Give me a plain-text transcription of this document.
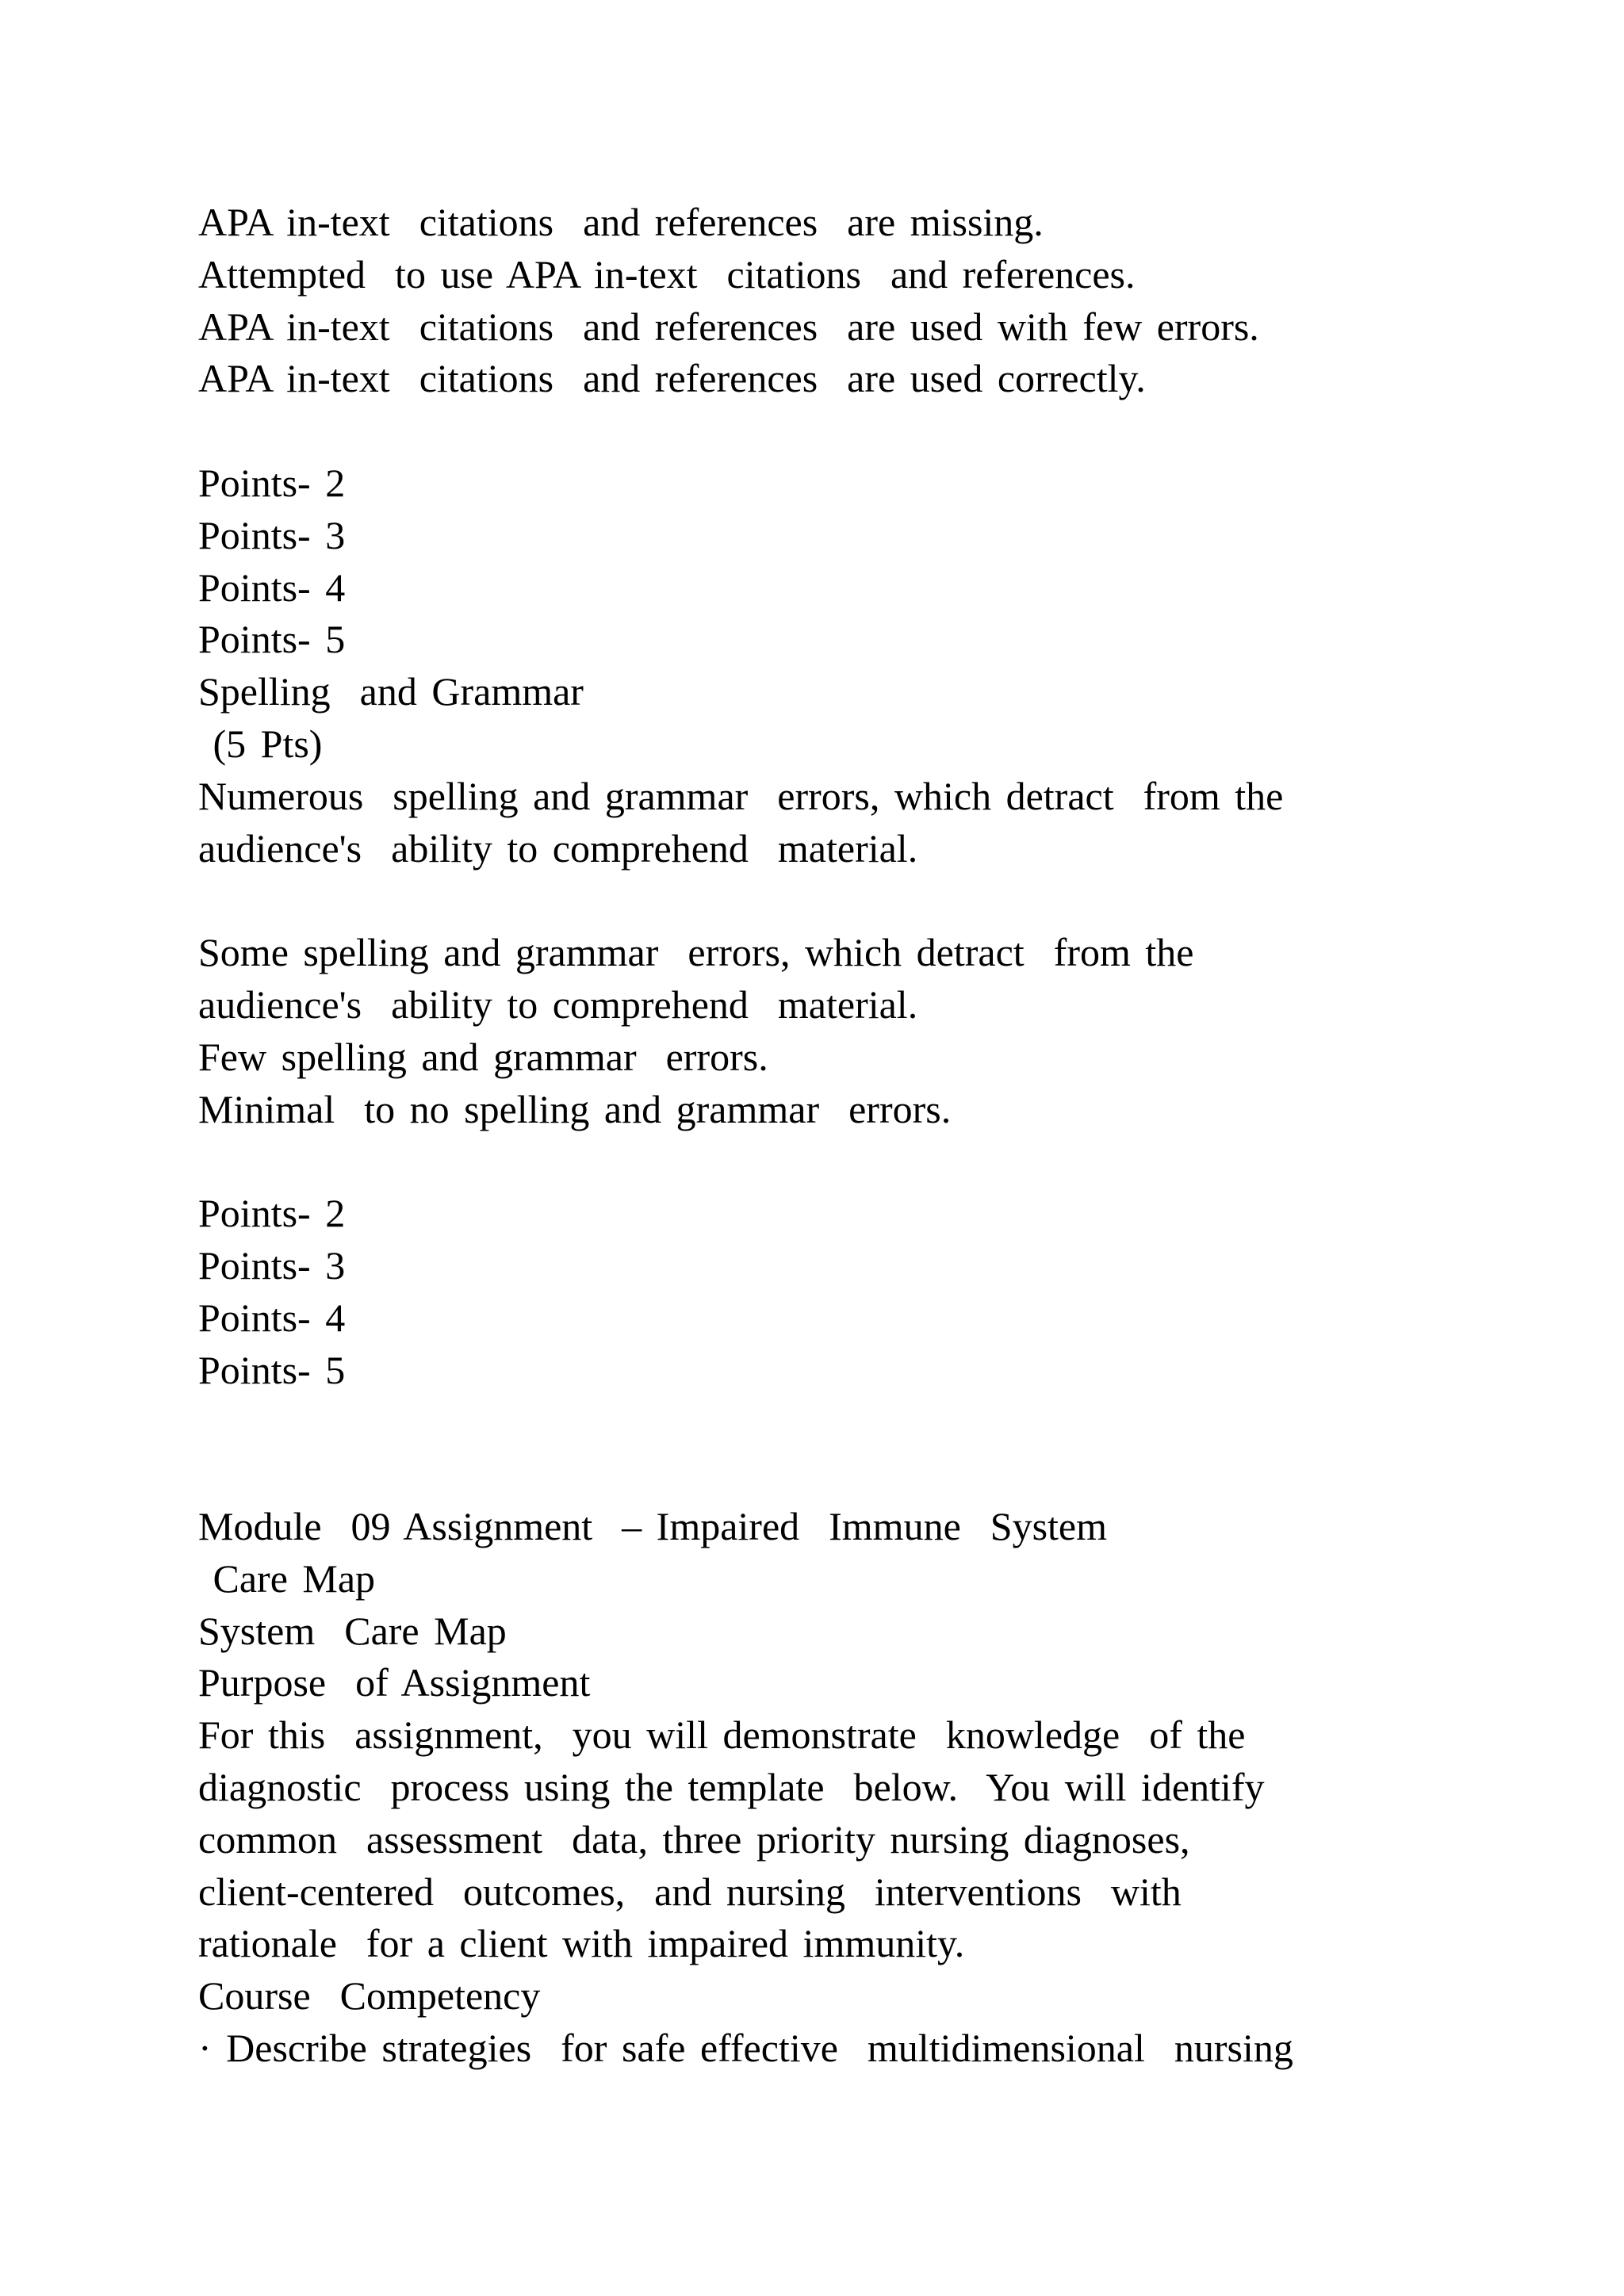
APA in-text  citations  and references  are missing.
Attempted  to use APA in-text  citations  and references.
APA in-text  citations  and references  are used with few errors.
APA in-text  citations  and references  are used correctly.
Points- 2
Points- 3
Points- 4
Points- 5
Spelling  and Grammar
(5 Pts)
Numerous  spelling and grammar  errors, which detract  from the
audience's  ability to comprehend  material.
Some spelling and grammar  errors, which detract  from the
audience's  ability to comprehend  material.
Few spelling and grammar  errors.
Minimal  to no spelling and grammar  errors.
Points- 2
Points- 3
Points- 4
Points- 5
Module  09 Assignment  – Impaired  Immune  System
Care Map
System  Care Map
Purpose  of Assignment
For this  assignment,  you will demonstrate  knowledge  of the
diagnostic  process using the template  below.  You will identify
common  assessment  data, three priority nursing diagnoses,
client-centered  outcomes,  and nursing  interventions  with
rationale  for a client with impaired immunity.
Course  Competency
· Describe strategies  for safe effective  multidimensional  nursing
